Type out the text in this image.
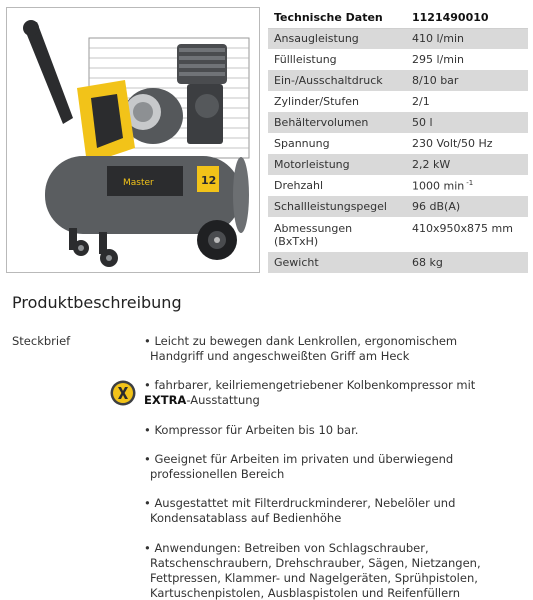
Master	12
Technische Daten	1121490010
Ansaugleistung	410 l/min
Füllleistung	295 l/min
Ein-/Ausschaltdruck	8/10 bar
Zylinder/Stufen	2/1
Behältervolumen	50 l
Spannung	230 Volt/50 Hz
Motorleistung	2,2 kW
Drehzahl	1000 min $^{-1}$
Schallleistungspegel	96 dB(A)
Abmessungen
(BxTxH)	410x950x875 mm
Gewicht	68 kg
Produktbeschreibung
Steckbrief	• Leicht zu bewegen dank Lenkrollen, ergonomischem
Handgriff und angeschweißten Griff am Heck
• fahrbarer, keilriemengetriebener Kolbenkompressor mit
EXTRA-Ausstattung
• Kompressor für Arbeiten bis 10 bar.
• Geeignet für Arbeiten im privaten und überwiegend
professionellen Bereich
• Ausgestattet mit Filterdruckminderer, Nebelöler und
Kondensatablass auf Bedienhöhe
• Anwendungen: Betreiben von Schlagschrauber,
Ratschenschraubern, Drehschrauber, Sägen, Nietzangen,
Fettpressen, Klammer- und Nagelgeräten, Sprühpistolen,
Kartuschenpistolen, Ausblaspistolen und Reifenfüllern
